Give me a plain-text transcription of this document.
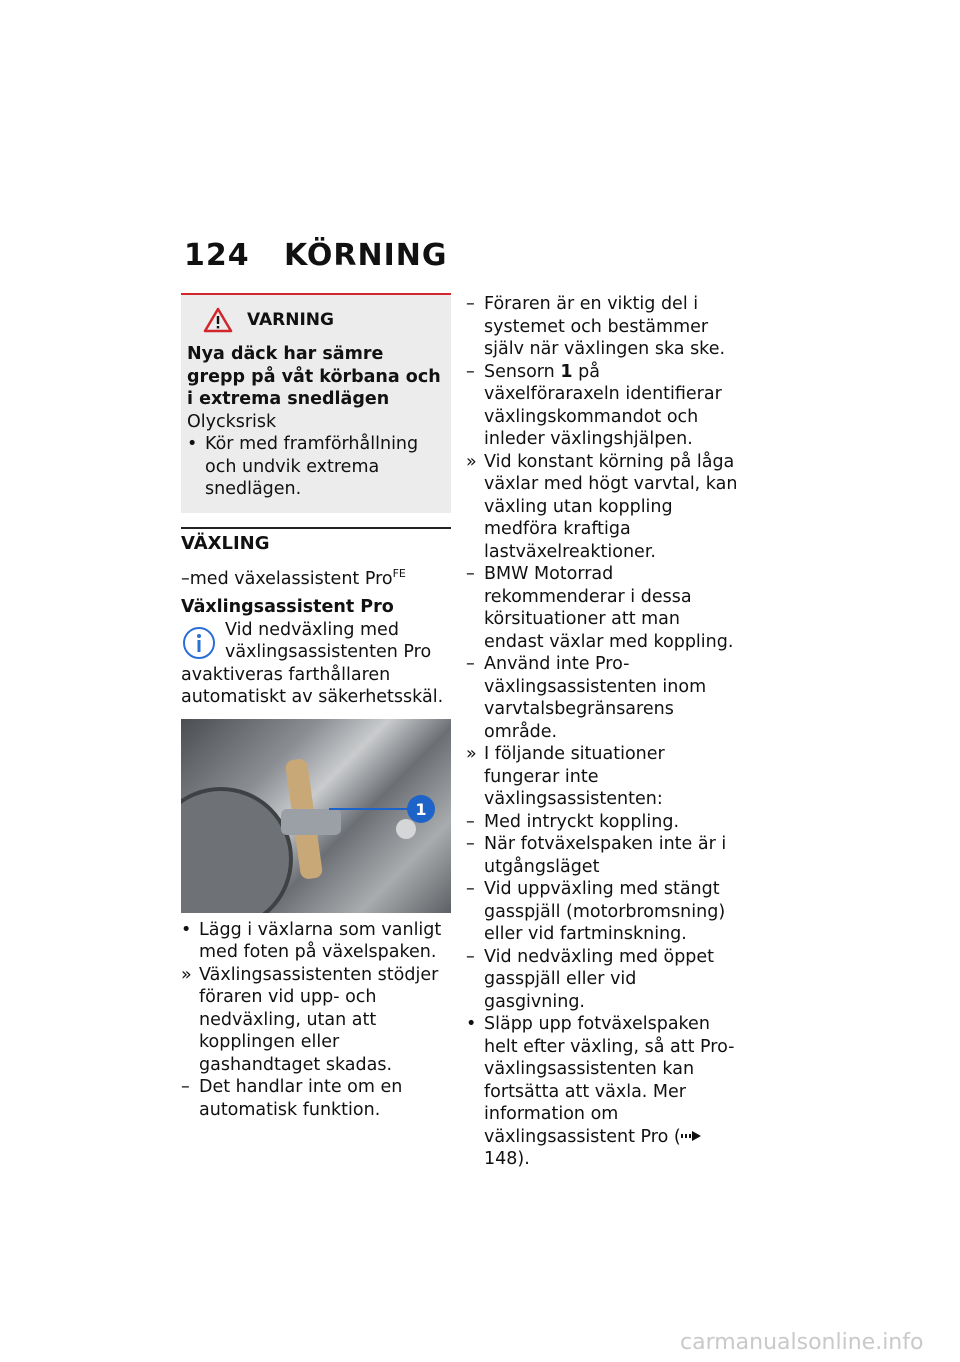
124 KÖRNING
VARNING
Nya däck har sämre grepp på våt körbana och i extrema snedlägen
Olycksrisk
• Kör med framförhållning och undvik extrema snedlägen.
VÄXLING
–med växelassistent Pro$^{FE}$
Växlingsassistent Pro
Vid nedväxling med växlingsassistenten Pro avaktiveras farthållaren automatiskt av säkerhetsskäl.
1
• Lägg i växlarna som vanligt med foten på växelspaken.
» Växlingsassistenten stödjer föraren vid upp- och nedväxling, utan att kopplingen eller gashandtaget skadas.
– Det handlar inte om en automatisk funktion.
– Föraren är en viktig del i systemet och bestämmer själv när växlingen ska ske.
– Sensorn 1 på växelföraraxeln identifierar växlingskommandot och inleder växlingshjälpen.
» Vid konstant körning på låga växlar med högt varvtal, kan växling utan koppling medföra kraftiga lastväxelreaktioner.
– BMW Motorrad rekommenderar i dessa körsituationer att man endast växlar med koppling.
– Använd inte Pro-växlingsassistenten inom varvtalsbegränsarens område.
» I följande situationer fungerar inte växlingsassistenten:
– Med intryckt koppling.
– När fotväxelspaken inte är i utgångsläget
– Vid uppväxling med stängt gasspjäll (motorbromsning) eller vid fartminskning.
– Vid nedväxling med öppet gasspjäll eller vid gasgivning.
• Släpp upp fotväxelspaken helt efter växling, så att Pro-växlingsassistenten kan fortsätta att växla. Mer information om växlingsassistent Pro ( 148).
carmanualsonline.info
